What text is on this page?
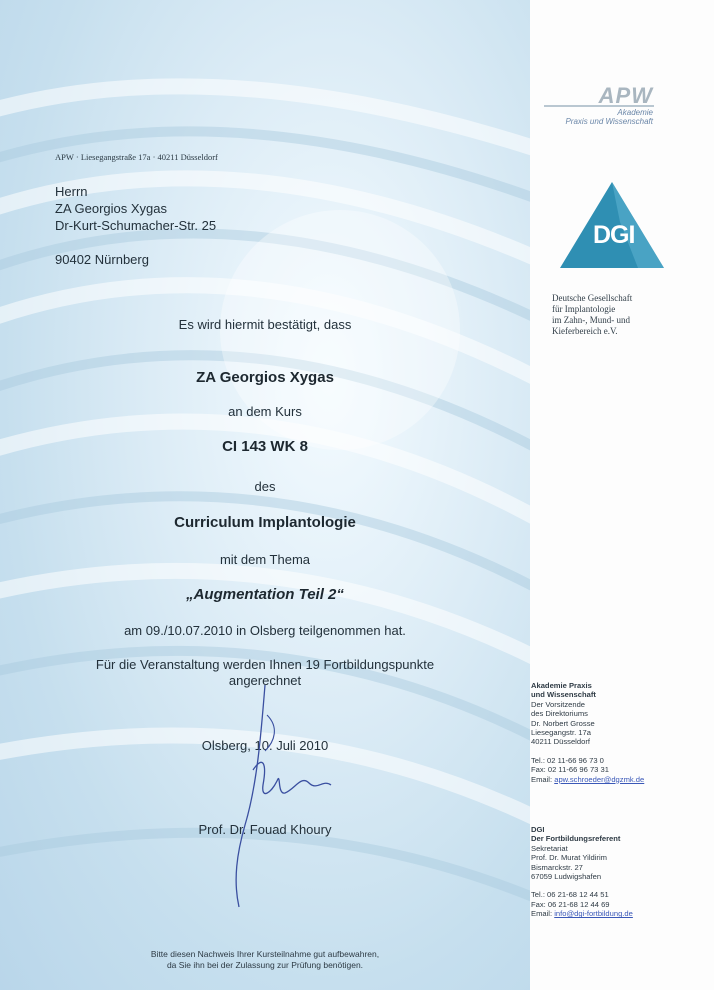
APW · Liesegangstraße 17a · 40211 Düsseldorf
Herrn
ZA Georgios Xygas
Dr-Kurt-Schumacher-Str. 25
90402 Nürnberg
Es wird hiermit bestätigt, dass
ZA Georgios Xygas
an dem Kurs
CI 143 WK 8
des
Curriculum Implantologie
mit dem Thema
„Augmentation Teil 2“
am 09./10.07.2010 in Olsberg teilgenommen hat.
Für die Veranstaltung werden Ihnen 19 Fortbildungspunkte
angerechnet
Olsberg, 10. Juli 2010
Prof. Dr. Fouad Khoury
Bitte diesen Nachweis Ihrer Kursteilnahme gut aufbewahren,
da Sie ihn bei der Zulassung zur Prüfung benötigen.
APW
Akademie
Praxis und Wissenschaft
DGI
Deutsche Gesellschaft
für Implantologie
im Zahn-, Mund- und
Kieferbereich e.V.
Akademie Praxis
und Wissenschaft
Der Vorsitzende
des Direktoriums
Dr. Norbert Grosse
Liesegangstr. 17a
40211 Düsseldorf
Tel.: 02 11-66 96 73 0
Fax: 02 11-66 96 73 31
Email: apw.schroeder@dgzmk.de
DGI
Der Fortbildungsreferent
Sekretariat
Prof. Dr. Murat Yildirim
Bismarckstr. 27
67059 Ludwigshafen
Tel.: 06 21-68 12 44 51
Fax: 06 21-68 12 44 69
Email: info@dgi-fortbildung.de
